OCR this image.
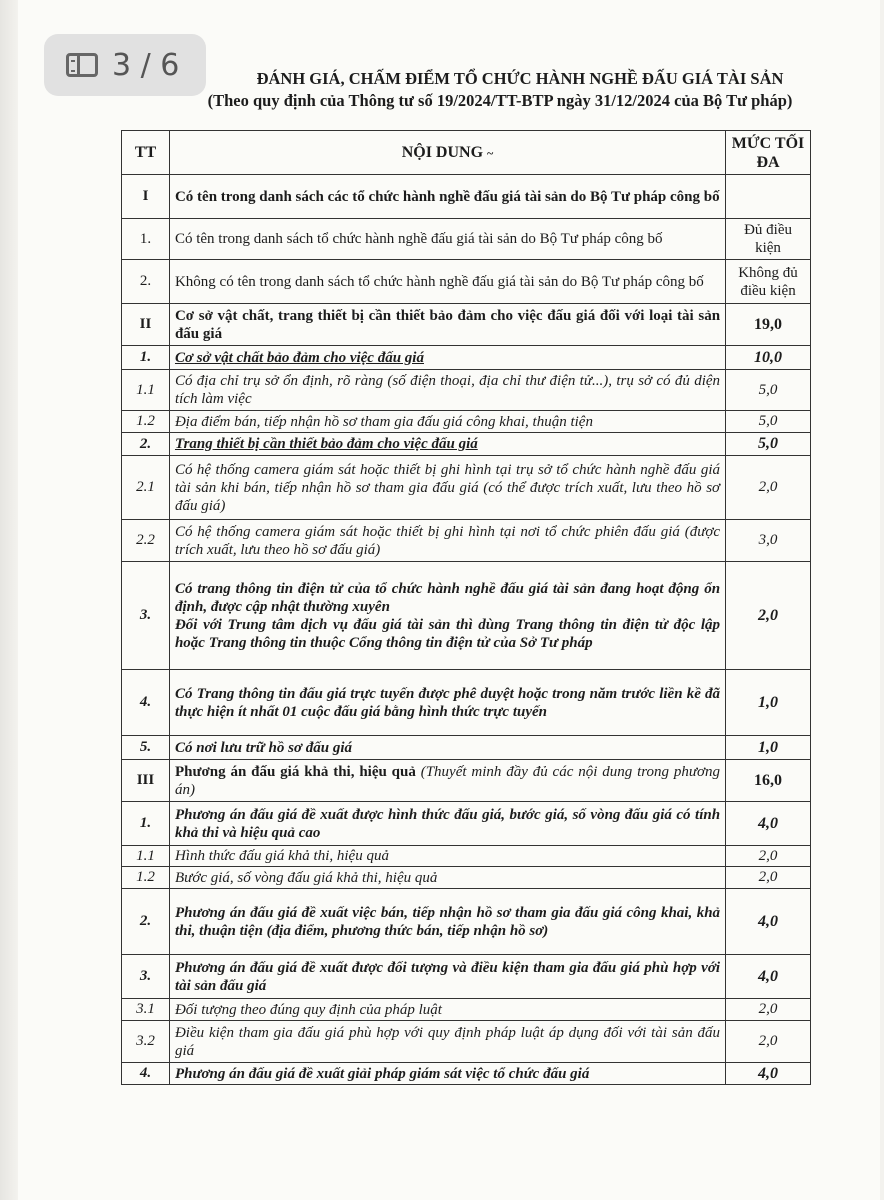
3 / 6	ĐÁNH GIÁ, CHẤM ĐIỂM TỔ CHỨC HÀNH NGHỀ ĐẤU GIÁ TÀI SẢN
(Theo quy định của Thông tư số 19/2024/TT-BTP ngày 31/12/2024 của Bộ Tư pháp)
TT	NỘI DUNG ~	MỨC TỐI ĐA
I	Có tên trong danh sách các tổ chức hành nghề đấu giá tài sản do Bộ Tư pháp công bố	
1.	Có tên trong danh sách tổ chức hành nghề đấu giá tài sản do Bộ Tư pháp công bố	Đủ điều kiện
2.	Không có tên trong danh sách tổ chức hành nghề đấu giá tài sản do Bộ Tư pháp công bố	Không đủ điều kiện
II	Cơ sở vật chất, trang thiết bị cần thiết bảo đảm cho việc đấu giá đối với loại tài sản đấu giá	19,0
1.	Cơ sở vật chất bảo đảm cho việc đấu giá	10,0
1.1	Có địa chỉ trụ sở ổn định, rõ ràng (số điện thoại, địa chỉ thư điện tử...), trụ sở có đủ diện tích làm việc	5,0
1.2	Địa điểm bán, tiếp nhận hồ sơ tham gia đấu giá công khai, thuận tiện	5,0
2.	Trang thiết bị cần thiết bảo đảm cho việc đấu giá	5,0
2.1	Có hệ thống camera giám sát hoặc thiết bị ghi hình tại trụ sở tổ chức hành nghề đấu giá tài sản khi bán, tiếp nhận hồ sơ tham gia đấu giá (có thể được trích xuất, lưu theo hồ sơ đấu giá)	2,0
2.2	Có hệ thống camera giám sát hoặc thiết bị ghi hình tại nơi tổ chức phiên đấu giá (được trích xuất, lưu theo hồ sơ đấu giá)	3,0
3.	Có trang thông tin điện tử của tổ chức hành nghề đấu giá tài sản đang hoạt động ổn định, được cập nhật thường xuyên
Đối với Trung tâm dịch vụ đấu giá tài sản thì dùng Trang thông tin điện tử độc lập hoặc Trang thông tin thuộc Cổng thông tin điện tử của Sở Tư pháp	2,0
4.	Có Trang thông tin đấu giá trực tuyến được phê duyệt hoặc trong năm trước liền kề đã thực hiện ít nhất 01 cuộc đấu giá bằng hình thức trực tuyến	1,0
5.	Có nơi lưu trữ hồ sơ đấu giá	1,0
III	Phương án đấu giá khả thi, hiệu quả (Thuyết minh đầy đủ các nội dung trong phương án)	16,0
1.	Phương án đấu giá đề xuất được hình thức đấu giá, bước giá, số vòng đấu giá có tính khả thi và hiệu quả cao	4,0
1.1	Hình thức đấu giá khả thi, hiệu quả	2,0
1.2	Bước giá, số vòng đấu giá khả thi, hiệu quả	2,0
2.	Phương án đấu giá đề xuất việc bán, tiếp nhận hồ sơ tham gia đấu giá công khai, khả thi, thuận tiện (địa điểm, phương thức bán, tiếp nhận hồ sơ)	4,0
3.	Phương án đấu giá đề xuất được đối tượng và điều kiện tham gia đấu giá phù hợp với tài sản đấu giá	4,0
3.1	Đối tượng theo đúng quy định của pháp luật	2,0
3.2	Điều kiện tham gia đấu giá phù hợp với quy định pháp luật áp dụng đối với tài sản đấu giá	2,0
4.	Phương án đấu giá đề xuất giải pháp giám sát việc tổ chức đấu giá	4,0
